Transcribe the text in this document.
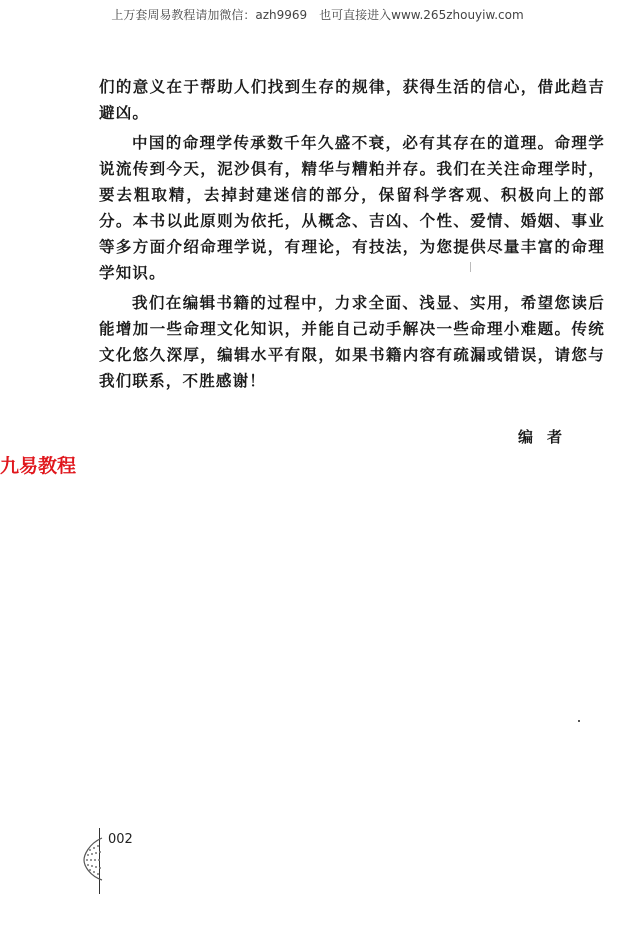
上万套周易教程请加微信：azh9969　也可直接进入www.265zhouyiw.com

们的意义在于帮助人们找到生存的规律，获得生活的信心，借此趋吉避凶。

中国的命理学传承数千年久盛不衰，必有其存在的道理。命理学说流传到今天，泥沙俱有，精华与糟粕并存。我们在关注命理学时，要去粗取精，去掉封建迷信的部分，保留科学客观、积极向上的部分。本书以此原则为依托，从概念、吉凶、个性、爱情、婚姻、事业等多方面介绍命理学说，有理论，有技法，为您提供尽量丰富的命理学知识。

我们在编辑书籍的过程中，力求全面、浅显、实用，希望您读后能增加一些命理文化知识，并能自己动手解决一些命理小难题。传统文化悠久深厚，编辑水平有限，如果书籍内容有疏漏或错误，请您与我们联系，不胜感谢！

编者
九易教程
002
